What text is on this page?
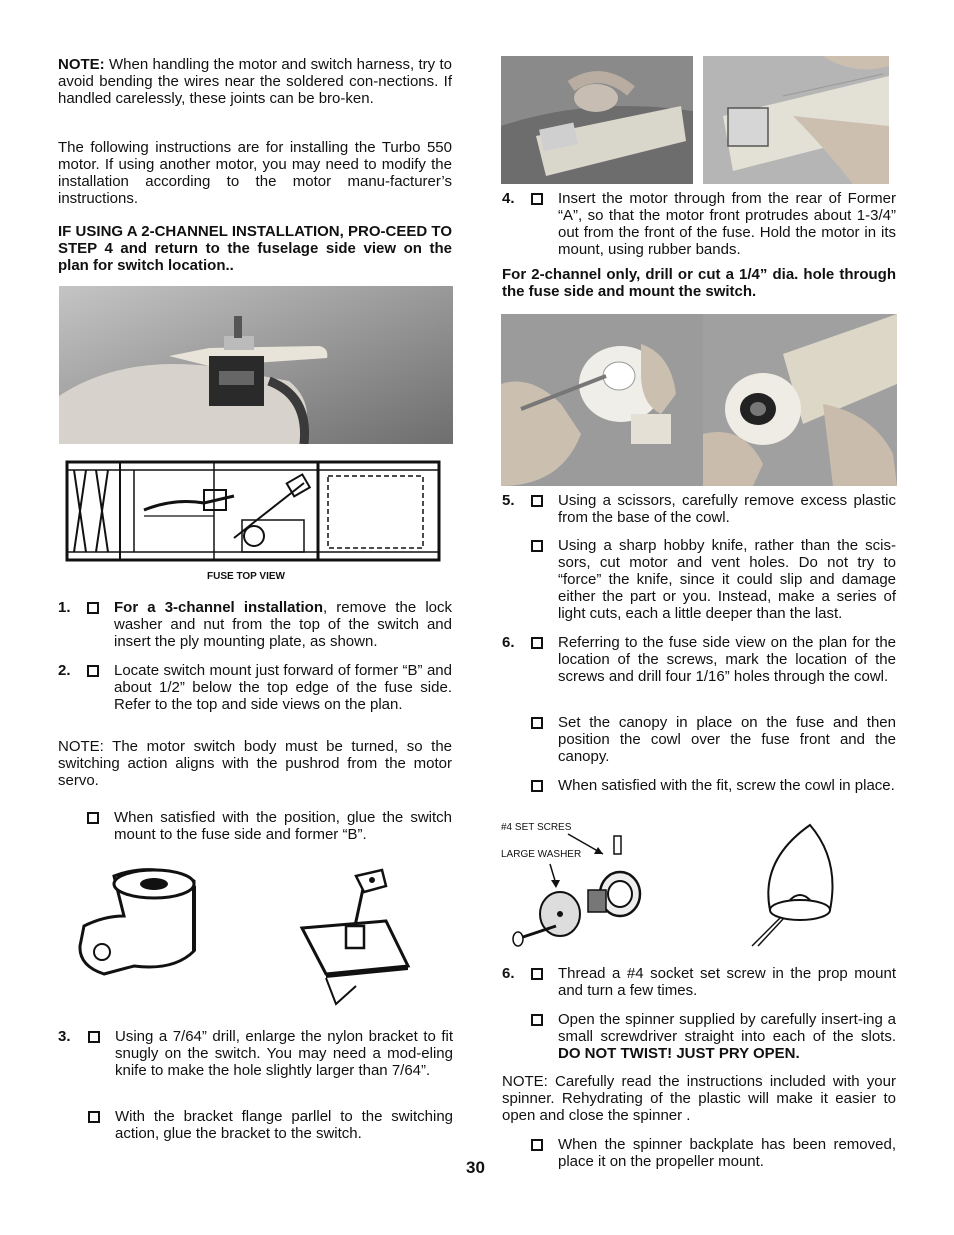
NOTE: When handling the motor and switch harness, try to avoid bending the wires near the soldered con-nections. If handled carelessly, these joints can be bro-ken.

The following instructions are for installing the Turbo 550 motor. If using another motor, you may need to modify the installation according to the motor manu-facturer’s instructions.

IF USING A 2-CHANNEL INSTALLATION, PRO-CEED TO STEP 4 and return to the fuselage side view on the plan for switch location..

FUSE TOP VIEW
1.	For a 3-channel installation, remove the lock washer and nut from the top of the switch and insert the ply mounting plate, as shown.
2.	Locate switch mount just forward of former “B” and about 1/2” below the top edge of the fuse side. Refer to the top and side views on the plan.

NOTE: The motor switch body must be turned, so the switching action aligns with the pushrod from the motor servo.

When satisfied with the position, glue the switch mount to the fuse side and former “B”.
3.	Using a 7/64” drill, enlarge the nylon bracket to fit snugly on the switch. You may need a mod-eling knife to make the hole slightly larger than 7/64”.
With the bracket flange parllel to the switching action, glue the bracket to the switch.
30
4.	Insert the motor through from the rear of Former “A”, so that the motor front protrudes about 1-3/4” out from the front of the fuse. Hold the motor in its mount, using rubber bands.

For 2-channel only, drill or cut a 1/4” dia. hole through the fuse side and mount the switch.

5.	Using a scissors, carefully remove excess plastic from the base of the cowl.
Using a sharp hobby knife, rather than the scis-sors, cut motor and vent holes. Do not try to “force” the knife, since it could slip and damage either the part or you. Instead, make a series of light cuts, each a little deeper than the last.
6.	Referring to the fuse side view on the plan for the location of the screws, mark the location of the screws and drill four 1/16” holes through the cowl.
Set the canopy in place on the fuse and then position the cowl over the fuse front and the canopy.
When satisfied with the fit, screw the cowl in place.
#4 SET SCRES
LARGE WASHER
6.	Thread a #4 socket set screw in the prop mount and turn a few times.
Open the spinner supplied by carefully insert-ing a small screwdriver straight into each of the slots. DO NOT TWIST! JUST PRY OPEN.

NOTE: Carefully read the instructions included with your spinner. Rehydrating of the plastic will make it easier to open and close the spinner .

When the spinner backplate has been removed, place it on the propeller mount.
